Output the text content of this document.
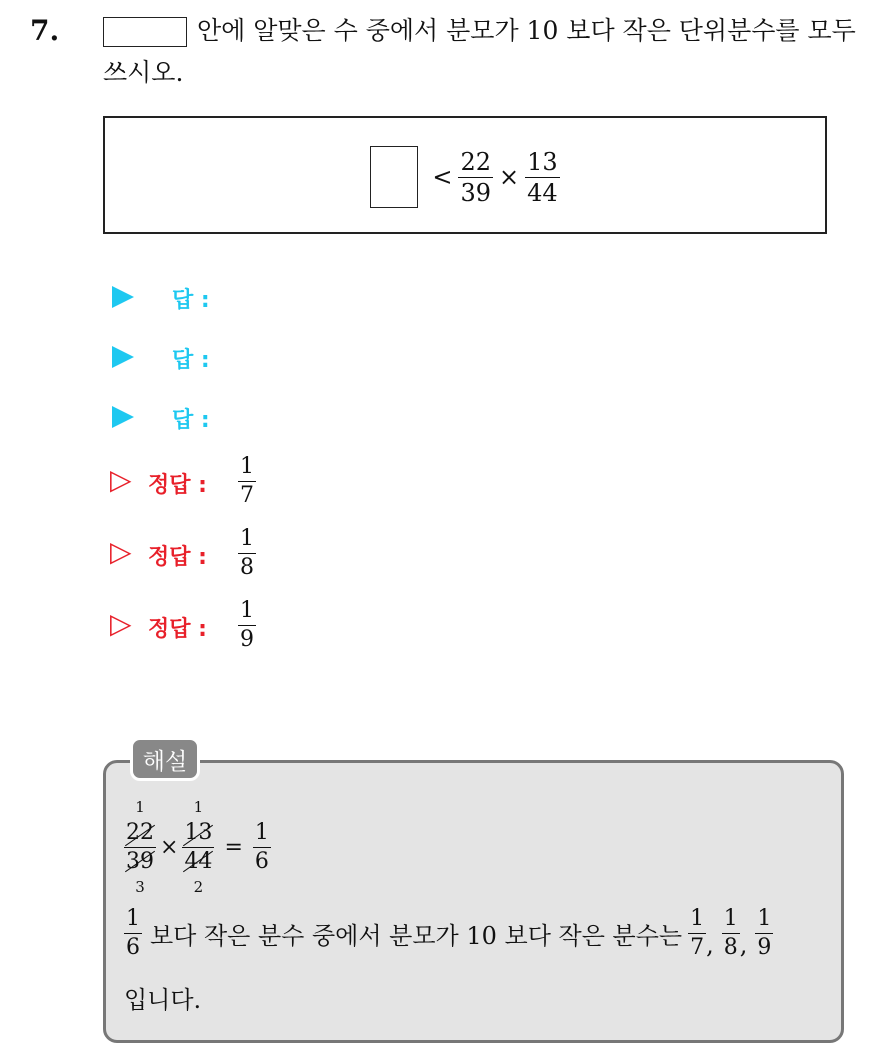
7.	안에 알맞은 수 중에서 분모가 10 보다 작은 단위분수를 모두
쓰시오.
< $\frac{22}{39} \times \frac{13}{44}$
답 :
답 :
답 :
▷ 정답 : $\frac{1}{7}$
▷ 정답 : $\frac{1}{8}$
▷ 정답 : $\frac{1}{9}$
해설
1
22
39
3
×
1
13
44
2
= $\frac{1}{6}$
$\frac{1}{6}$ 보다 작은 분수 중에서 분모가 10 보다 작은 분수는 $\frac{1}{7}$ , $\frac{1}{8}$ , $\frac{1}{9}$
입니다.
